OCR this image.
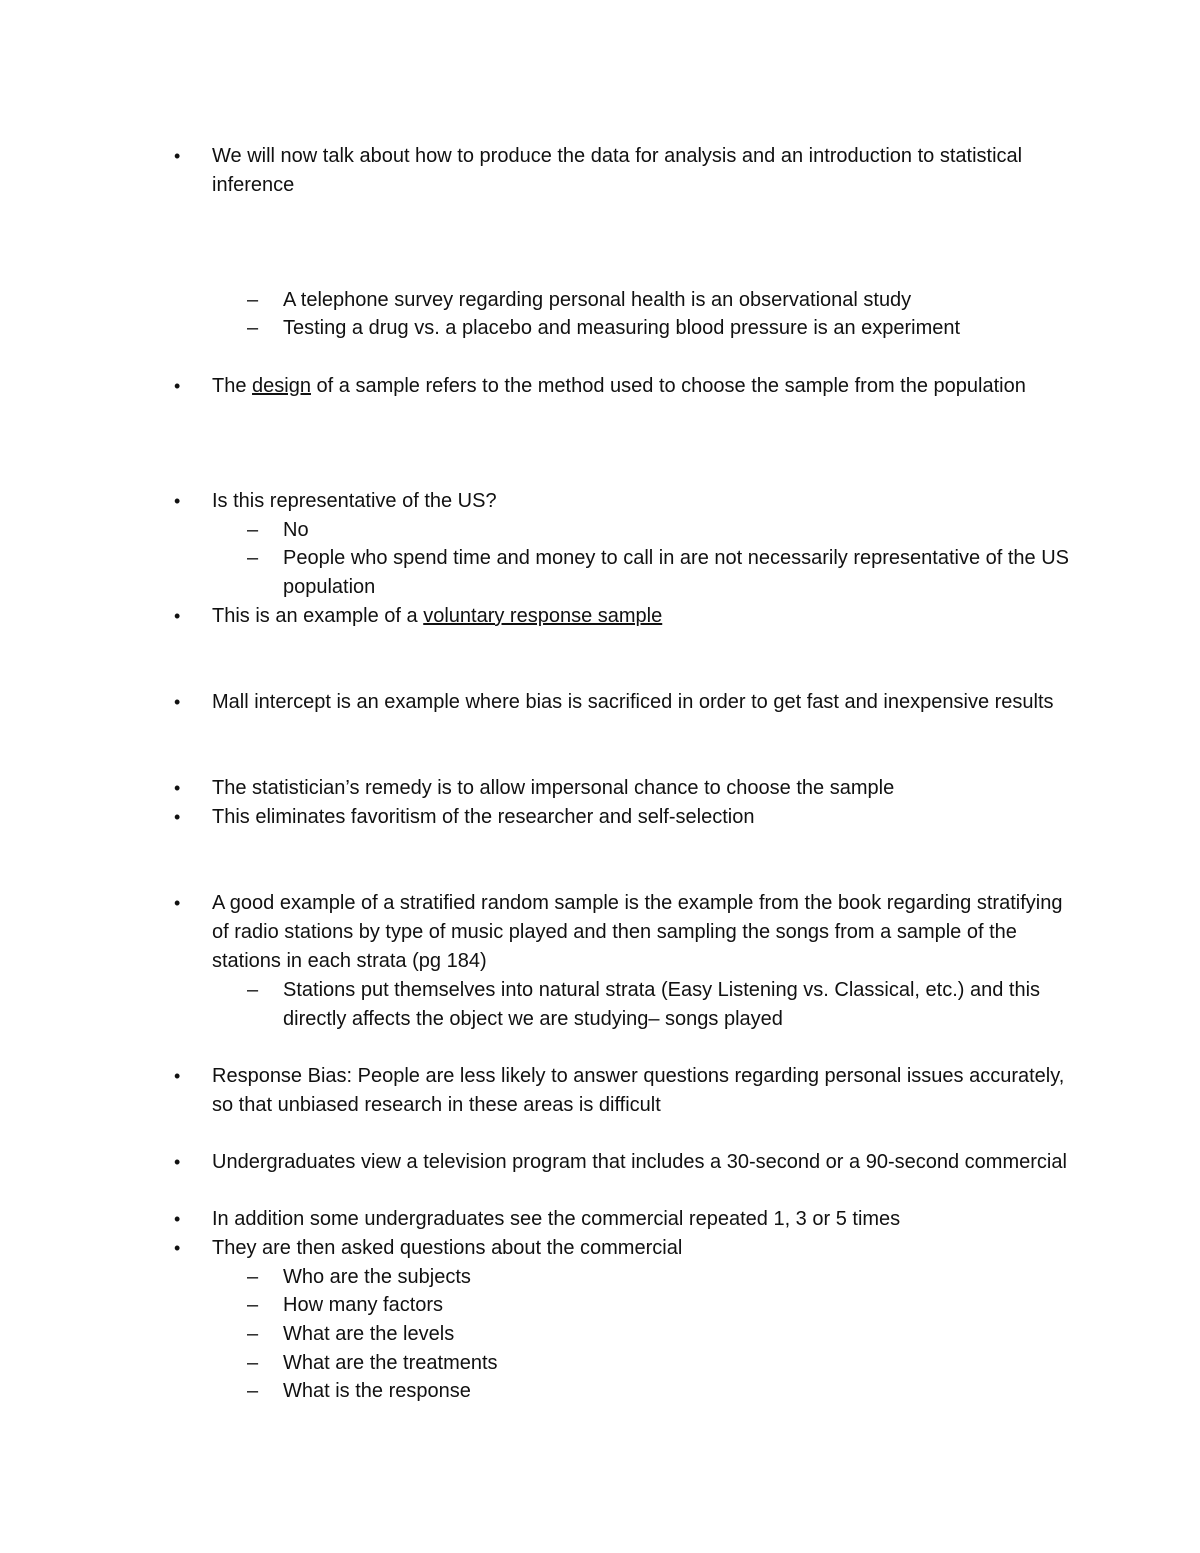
• We will now talk about how to produce the data for analysis and an introduction to statistical inference
– A telephone survey regarding personal health is an observational study
– Testing a drug vs. a placebo and measuring blood pressure is an experiment
• The design of a sample refers to the method used to choose the sample from the population
• Is this representative of the US?
– No
– People who spend time and money to call in are not necessarily representative of the US population
• This is an example of a voluntary response sample
• Mall intercept is an example where bias is sacrificed in order to get fast and inexpensive results
• The statistician’s remedy is to allow impersonal chance to choose the sample
• This eliminates favoritism of the researcher and self-selection
• A good example of a stratified random sample is the example from the book regarding stratifying of radio stations by type of music played and then sampling the songs from a sample of the stations in each strata (pg 184)
– Stations put themselves into natural strata (Easy Listening vs. Classical, etc.) and this directly affects the object we are studying– songs played
• Response Bias: People are less likely to answer questions regarding personal issues accurately, so that unbiased research in these areas is difficult
• Undergraduates view a television program that includes a 30-second or a 90-second commercial
• In addition some undergraduates see the commercial repeated 1, 3 or 5 times
• They are then asked questions about the commercial
– Who are the subjects
– How many factors
– What are the levels
– What are the treatments
– What is the response
